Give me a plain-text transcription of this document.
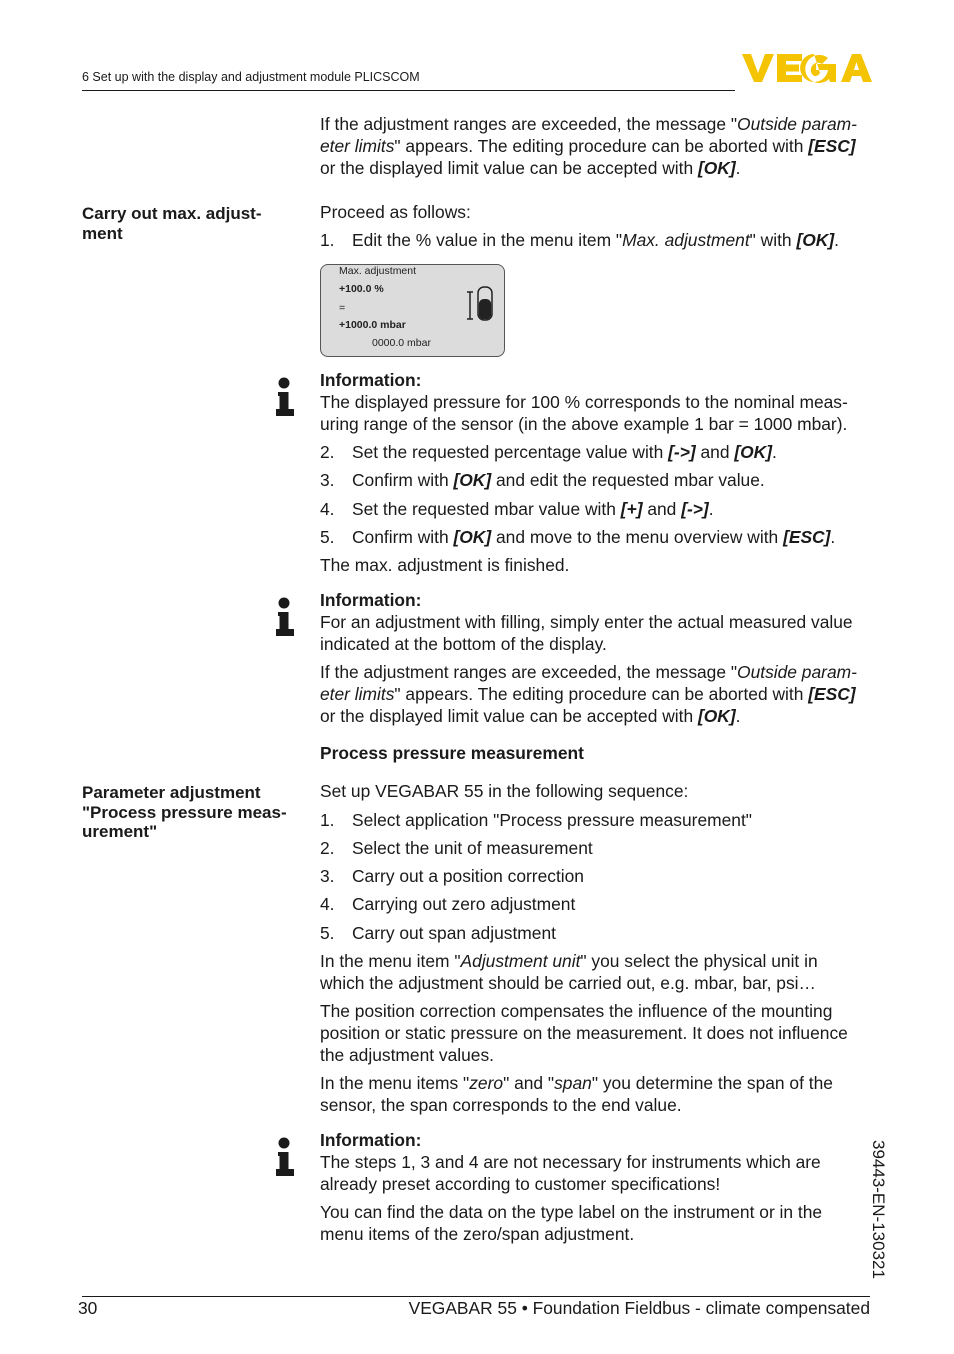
6 Set up with the display and adjustment module PLICSCOM
If the adjustment ranges are exceeded, the message "Outside param-
eter limits" appears. The editing procedure can be aborted with [ESC]
or the displayed limit value can be accepted with [OK].
Carry out max. adjust-
ment
Proceed as follows:
1. Edit the % value in the menu item "Max. adjustment" with [OK].
Max. adjustment
+100.0 %
=
+1000.0 mbar
0000.0 mbar
Information:
The displayed pressure for 100 % corresponds to the nominal meas-
uring range of the sensor (in the above example 1 bar = 1000 mbar).
2. Set the requested percentage value with [->] and [OK].
3. Confirm with [OK] and edit the requested mbar value.
4. Set the requested mbar value with [+] and [->].
5. Confirm with [OK] and move to the menu overview with [ESC].
The max. adjustment is finished.
Information:
For an adjustment with filling, simply enter the actual measured value
indicated at the bottom of the display.
If the adjustment ranges are exceeded, the message "Outside param-
eter limits" appears. The editing procedure can be aborted with [ESC]
or the displayed limit value can be accepted with [OK].
Process pressure measurement
Parameter adjustment
"Process pressure meas-
urement"
Set up VEGABAR 55 in the following sequence:
1. Select application "Process pressure measurement"
2. Select the unit of measurement
3. Carry out a position correction
4. Carrying out zero adjustment
5. Carry out span adjustment
In the menu item "Adjustment unit" you select the physical unit in
which the adjustment should be carried out, e.g. mbar, bar, psi…
The position correction compensates the influence of the mounting
position or static pressure on the measurement. It does not influence
the adjustment values.
In the menu items "zero" and "span" you determine the span of the
sensor, the span corresponds to the end value.
Information:
The steps 1, 3 and 4 are not necessary for instruments which are
already preset according to customer specifications!
You can find the data on the type label on the instrument or in the
menu items of the zero/span adjustment.	39443-EN-130321
30	VEGABAR 55 • Foundation Fieldbus - climate compensated
